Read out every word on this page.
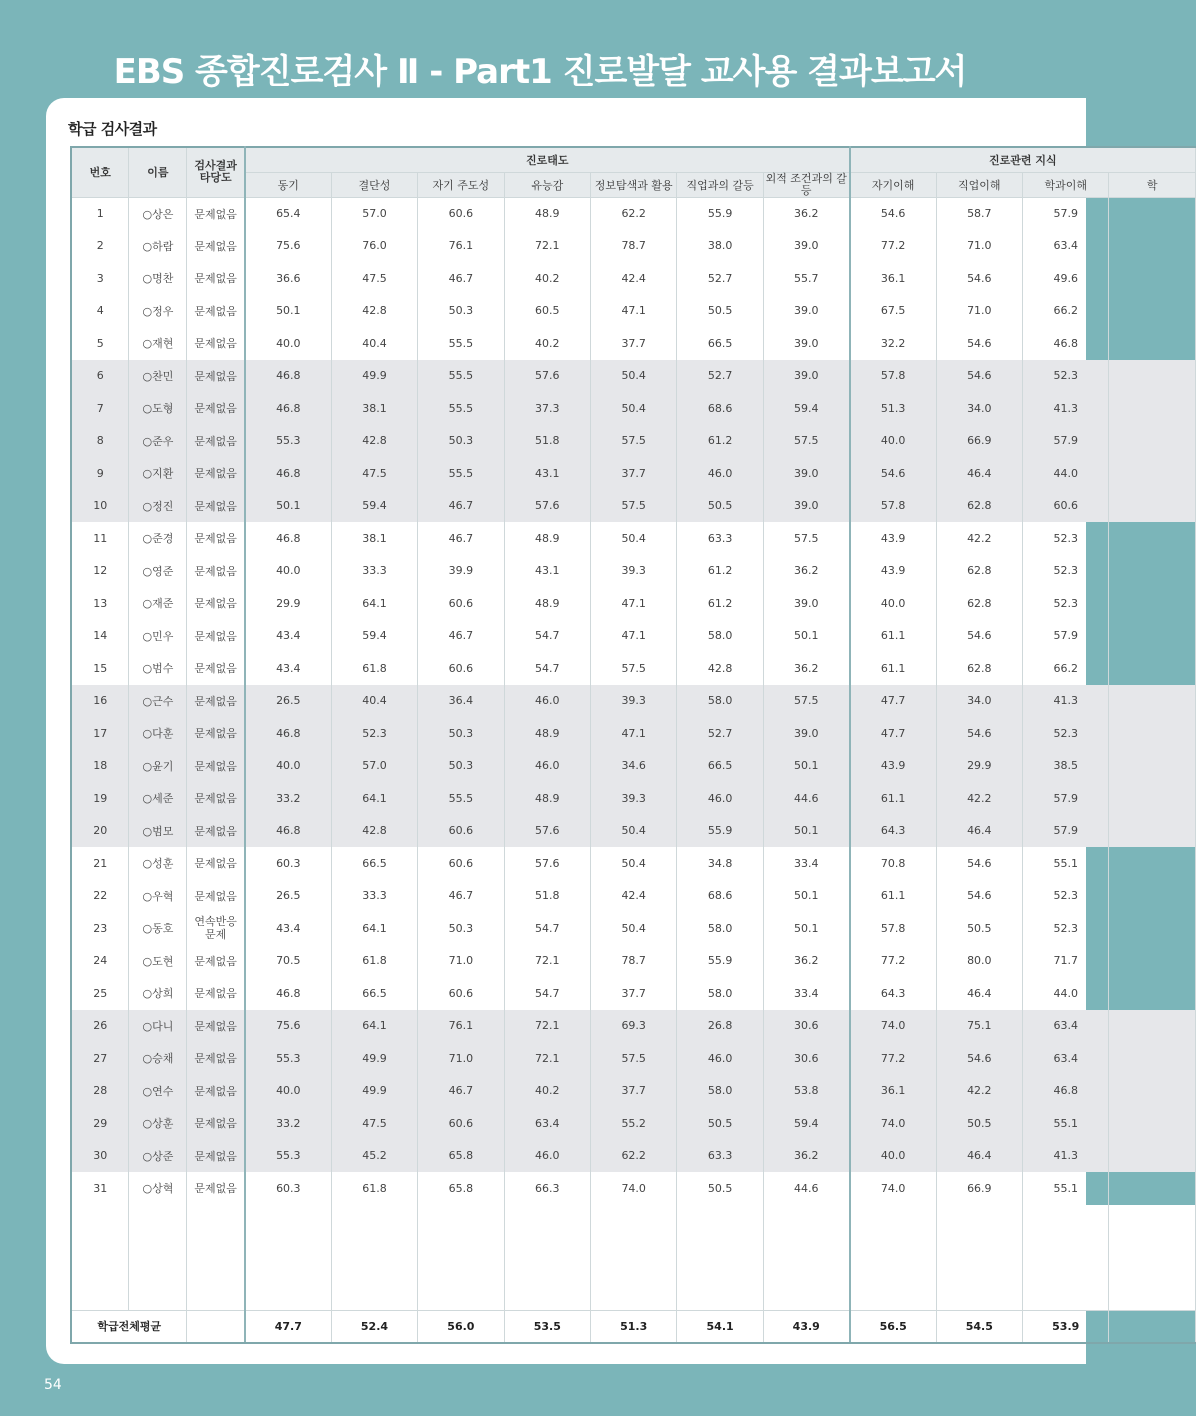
EBS 종합진로검사 Ⅱ - Part1 진로발달 교사용 결과보고서
학급 검사결과
번호	이름	검사결과 타당도	진로태도							진로관련 지식			
			동기	결단성	자기 주도성	유능감	정보탐색과 활용	직업과의 갈등	외적 조건과의 갈등	자기이해	직업이해	학과이해	학
1	○상은	문제없음	65.4	57.0	60.6	48.9	62.2	55.9	36.2	54.6	58.7	57.9	
2	○하람	문제없음	75.6	76.0	76.1	72.1	78.7	38.0	39.0	77.2	71.0	63.4	
3	○명찬	문제없음	36.6	47.5	46.7	40.2	42.4	52.7	55.7	36.1	54.6	49.6	
4	○정우	문제없음	50.1	42.8	50.3	60.5	47.1	50.5	39.0	67.5	71.0	66.2	
5	○재현	문제없음	40.0	40.4	55.5	40.2	37.7	66.5	39.0	32.2	54.6	46.8	
6	○찬민	문제없음	46.8	49.9	55.5	57.6	50.4	52.7	39.0	57.8	54.6	52.3	
7	○도형	문제없음	46.8	38.1	55.5	37.3	50.4	68.6	59.4	51.3	34.0	41.3	
8	○준우	문제없음	55.3	42.8	50.3	51.8	57.5	61.2	57.5	40.0	66.9	57.9	
9	○지환	문제없음	46.8	47.5	55.5	43.1	37.7	46.0	39.0	54.6	46.4	44.0	
10	○정진	문제없음	50.1	59.4	46.7	57.6	57.5	50.5	39.0	57.8	62.8	60.6	
11	○준경	문제없음	46.8	38.1	46.7	48.9	50.4	63.3	57.5	43.9	42.2	52.3	
12	○영준	문제없음	40.0	33.3	39.9	43.1	39.3	61.2	36.2	43.9	62.8	52.3	
13	○재준	문제없음	29.9	64.1	60.6	48.9	47.1	61.2	39.0	40.0	62.8	52.3	
14	○민우	문제없음	43.4	59.4	46.7	54.7	47.1	58.0	50.1	61.1	54.6	57.9	
15	○범수	문제없음	43.4	61.8	60.6	54.7	57.5	42.8	36.2	61.1	62.8	66.2	
16	○근수	문제없음	26.5	40.4	36.4	46.0	39.3	58.0	57.5	47.7	34.0	41.3	
17	○다훈	문제없음	46.8	52.3	50.3	48.9	47.1	52.7	39.0	47.7	54.6	52.3	
18	○윤기	문제없음	40.0	57.0	50.3	46.0	34.6	66.5	50.1	43.9	29.9	38.5	
19	○세준	문제없음	33.2	64.1	55.5	48.9	39.3	46.0	44.6	61.1	42.2	57.9	
20	○범모	문제없음	46.8	42.8	60.6	57.6	50.4	55.9	50.1	64.3	46.4	57.9	
21	○성훈	문제없음	60.3	66.5	60.6	57.6	50.4	34.8	33.4	70.8	54.6	55.1	
22	○우혁	문제없음	26.5	33.3	46.7	51.8	42.4	68.6	50.1	61.1	54.6	52.3	
23	○동호	연속반응 문제	43.4	64.1	50.3	54.7	50.4	58.0	50.1	57.8	50.5	52.3	
24	○도현	문제없음	70.5	61.8	71.0	72.1	78.7	55.9	36.2	77.2	80.0	71.7	
25	○상희	문제없음	46.8	66.5	60.6	54.7	37.7	58.0	33.4	64.3	46.4	44.0	
26	○다니	문제없음	75.6	64.1	76.1	72.1	69.3	26.8	30.6	74.0	75.1	63.4	
27	○승채	문제없음	55.3	49.9	71.0	72.1	57.5	46.0	30.6	77.2	54.6	63.4	
28	○연수	문제없음	40.0	49.9	46.7	40.2	37.7	58.0	53.8	36.1	42.2	46.8	
29	○상훈	문제없음	33.2	47.5	60.6	63.4	55.2	50.5	59.4	74.0	50.5	55.1	
30	○상준	문제없음	55.3	45.2	65.8	46.0	62.2	63.3	36.2	40.0	46.4	41.3	
31	○상혁	문제없음	60.3	61.8	65.8	66.3	74.0	50.5	44.6	74.0	66.9	55.1	

학급전체평균			47.7	52.4	56.0	53.5	51.3	54.1	43.9	56.5	54.5	53.9	
54
